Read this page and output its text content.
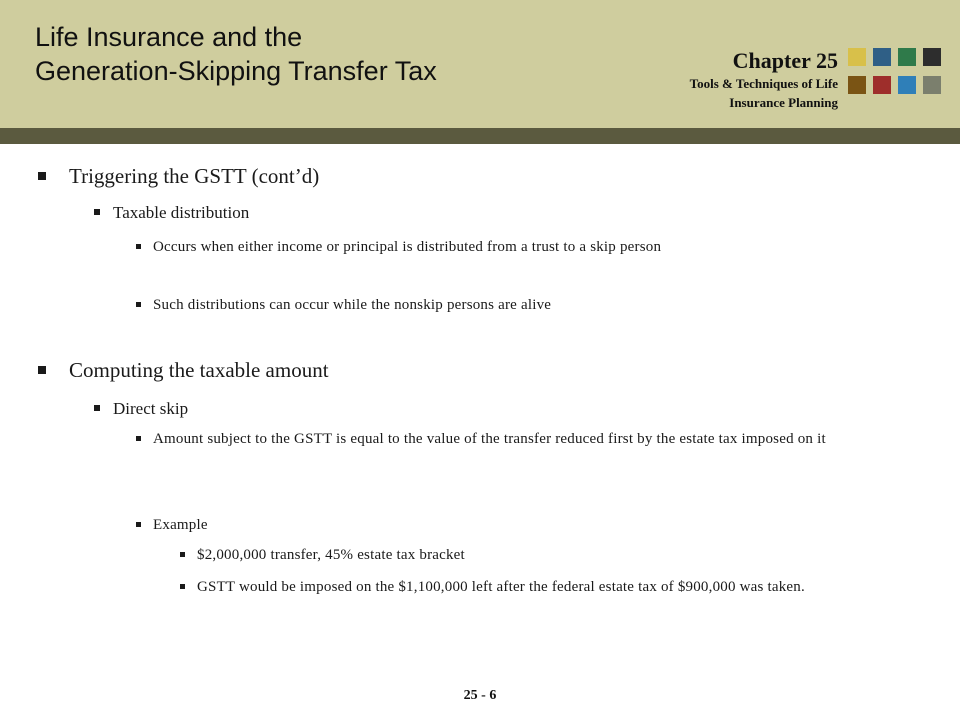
Life Insurance and the
Generation-Skipping Transfer Tax	Chapter 25
Tools & Techniques of Life
Insurance Planning
Triggering the GSTT (cont’d)
Taxable distribution
Occurs when either income or principal is distributed from a trust to a skip person
Such distributions can occur while the nonskip persons are alive
Computing the taxable amount
Direct skip
Amount subject to the GSTT is equal to the value of the transfer reduced first by the estate tax imposed on it
Example
$2,000,000 transfer, 45% estate tax bracket
GSTT would be imposed on the $1,100,000 left after the federal estate tax of $900,000 was taken.
25 - 6
